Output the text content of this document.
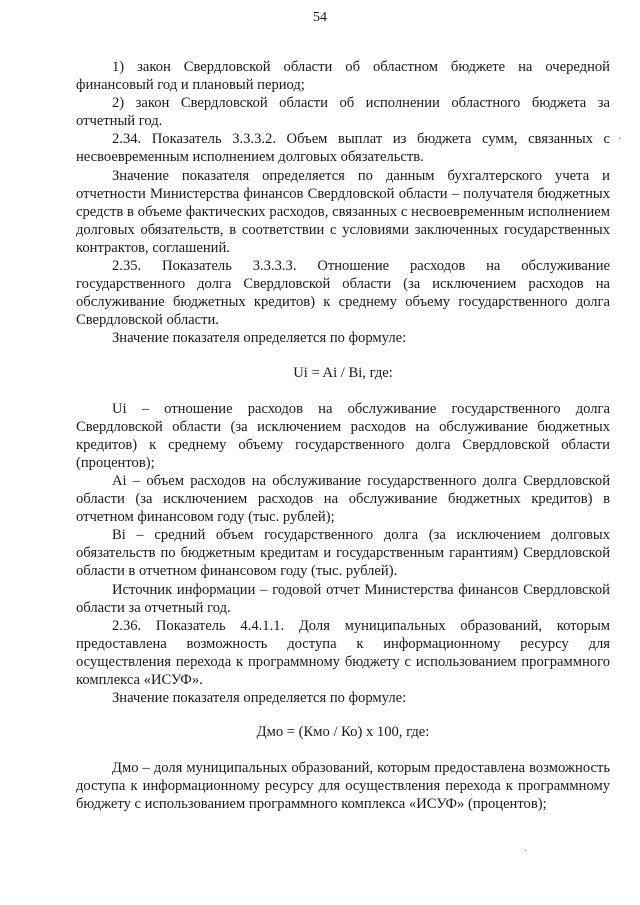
54

1) закон Свердловской области об областном бюджете на очередной финансовый год и плановый период;

2) закон Свердловской области об исполнении областного бюджета за отчетный год.

2.34. Показатель 3.3.3.2. Объем выплат из бюджета сумм, связанных с несвоевременным исполнением долговых обязательств.

Значение показателя определяется по данным бухгалтерского учета и отчетности Министерства финансов Свердловской области – получателя бюджетных средств в объеме фактических расходов, связанных с несвоевременным исполнением долговых обязательств, в соответствии с условиями заключенных государственных контрактов, соглашений.

2.35. Показатель 3.3.3.3. Отношение расходов на обслуживание государственного долга Свердловской области (за исключением расходов на обслуживание бюджетных кредитов) к среднему объему государственного долга Свердловской области.

Значение показателя определяется по формуле:

Ui = Ai / Bi, где:

Ui – отношение расходов на обслуживание государственного долга Свердловской области (за исключением расходов на обслуживание бюджетных кредитов) к среднему объему государственного долга Свердловской области (процентов);

Ai – объем расходов на обслуживание государственного долга Свердловской области (за исключением расходов на обслуживание бюджетных кредитов) в отчетном финансовом году (тыс. рублей);

Bi – средний объем государственного долга (за исключением долговых обязательств по бюджетным кредитам и государственным гарантиям) Свердловской области в отчетном финансовом году (тыс. рублей).

Источник информации – годовой отчет Министерства финансов Свердловской области за отчетный год.

2.36. Показатель 4.4.1.1. Доля муниципальных образований, которым предоставлена возможность доступа к информационному ресурсу для осуществления перехода к программному бюджету с использованием программного комплекса «ИСУФ».

Значение показателя определяется по формуле:

Дмо = (Кмо / Ко) х 100, где:

Дмо – доля муниципальных образований, которым предоставлена возможность доступа к информационному ресурсу для осуществления перехода к программному бюджету с использованием программного комплекса «ИСУФ» (процентов);

·
·
